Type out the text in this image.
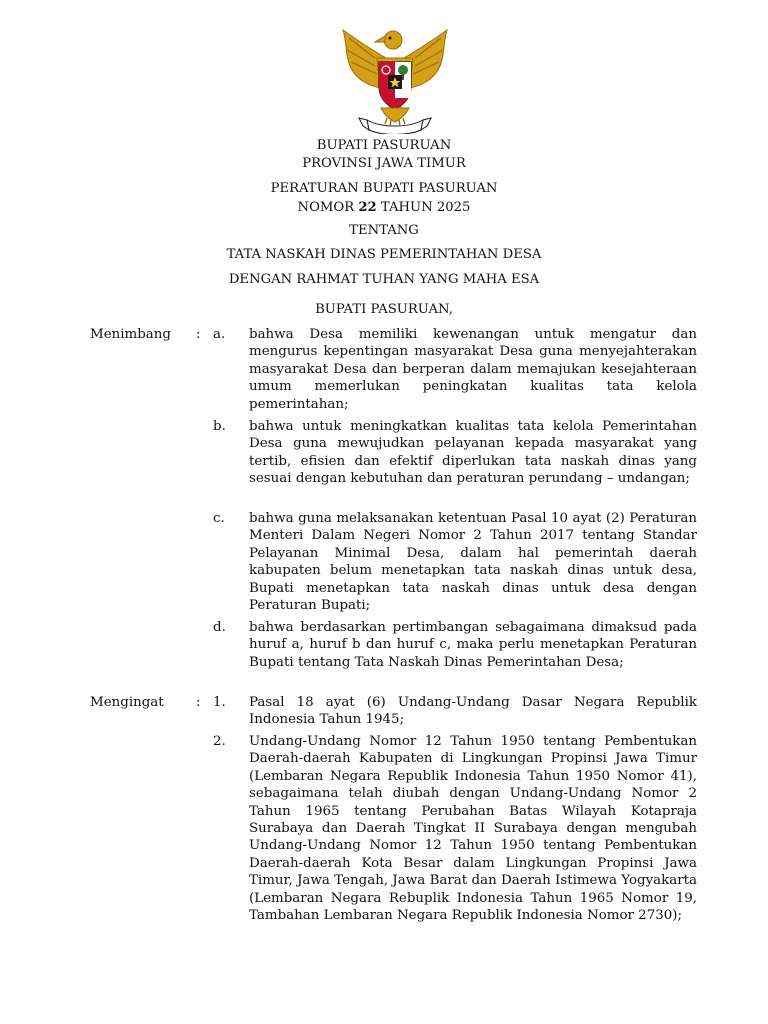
BUPATI PASURUAN
PROVINSI JAWA TIMUR
PERATURAN BUPATI PASURUAN
NOMOR 22 TAHUN 2025
TENTANG
TATA NASKAH DINAS PEMERINTAHAN DESA
DENGAN RAHMAT TUHAN YANG MAHA ESA
BUPATI PASURUAN,
Menimbang : a. bahwa Desa memiliki kewenangan untuk mengatur dan mengurus kepentingan masyarakat Desa guna menyejahterakan masyarakat Desa dan berperan dalam memajukan kesejahteraan umum memerlukan peningkatan kualitas tata kelola pemerintahan;
b. bahwa untuk meningkatkan kualitas tata kelola Pemerintahan Desa guna mewujudkan pelayanan kepada masyarakat yang tertib, efisien dan efektif diperlukan tata naskah dinas yang sesuai dengan kebutuhan dan peraturan perundang – undangan;
c. bahwa guna melaksanakan ketentuan Pasal 10 ayat (2) Peraturan Menteri Dalam Negeri Nomor 2 Tahun 2017 tentang Standar Pelayanan Minimal Desa, dalam hal pemerintah daerah kabupaten belum menetapkan tata naskah dinas untuk desa, Bupati menetapkan tata naskah dinas untuk desa dengan Peraturan Bupati;
d. bahwa berdasarkan pertimbangan sebagaimana dimaksud pada huruf a, huruf b dan huruf c, maka perlu menetapkan Peraturan Bupati tentang Tata Naskah Dinas Pemerintahan Desa;
Mengingat : 1. Pasal 18 ayat (6) Undang-Undang Dasar Negara Republik Indonesia Tahun 1945;
2. Undang-Undang Nomor 12 Tahun 1950 tentang Pembentukan Daerah-daerah Kabupaten di Lingkungan Propinsi Jawa Timur (Lembaran Negara Republik Indonesia Tahun 1950 Nomor 41), sebagaimana telah diubah dengan Undang-Undang Nomor 2 Tahun 1965 tentang Perubahan Batas Wilayah Kotapraja Surabaya dan Daerah Tingkat II Surabaya dengan mengubah Undang-Undang Nomor 12 Tahun 1950 tentang Pembentukan Daerah-daerah Kota Besar dalam Lingkungan Propinsi Jawa Timur, Jawa Tengah, Jawa Barat dan Daerah Istimewa Yogyakarta (Lembaran Negara Rebuplik Indonesia Tahun 1965 Nomor 19, Tambahan Lembaran Negara Republik Indonesia Nomor 2730);
